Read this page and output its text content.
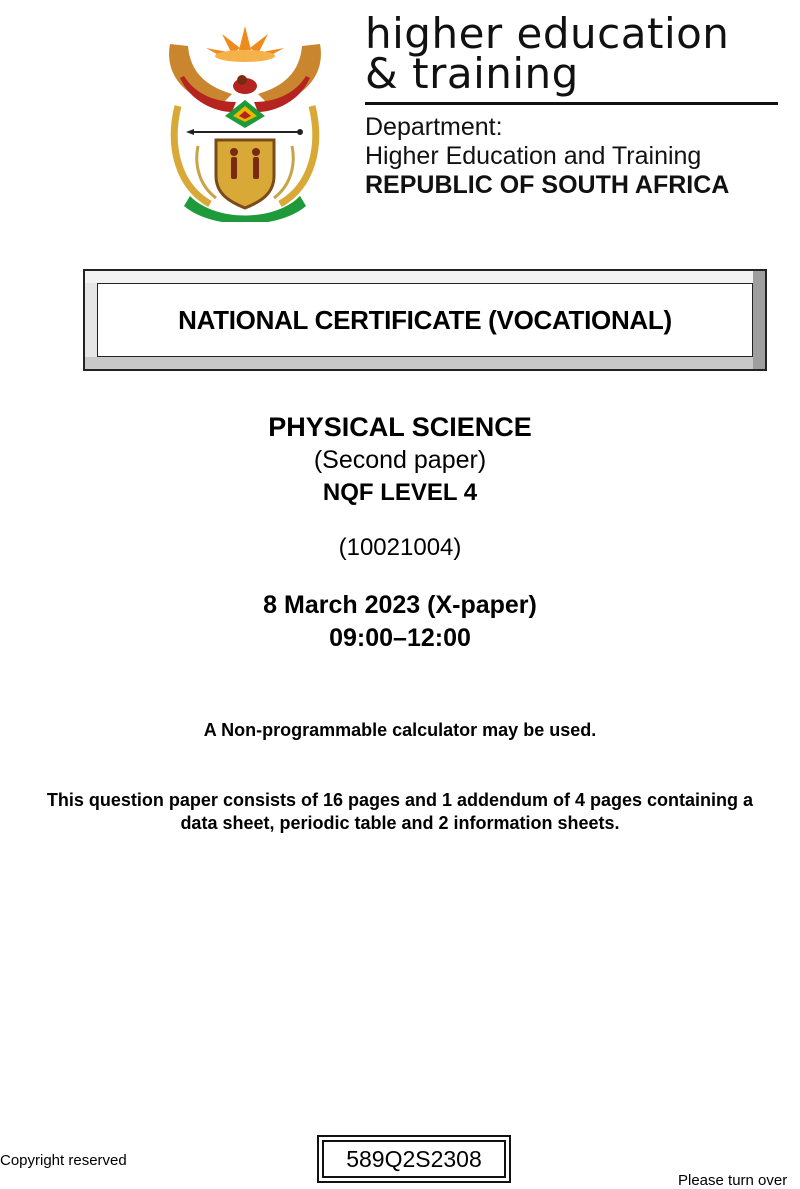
higher education
& training
Department:
Higher Education and Training
REPUBLIC OF SOUTH AFRICA
NATIONAL CERTIFICATE (VOCATIONAL)
PHYSICAL SCIENCE
(Second paper)
NQF LEVEL 4
(10021004)
8 March 2023 (X-paper)
09:00–12:00
A Non-programmable calculator may be used.
This question paper consists of 16 pages and 1 addendum of 4 pages containing a
data sheet, periodic table and 2 information sheets.
Copyright reserved	589Q2S2308
Please turn over
